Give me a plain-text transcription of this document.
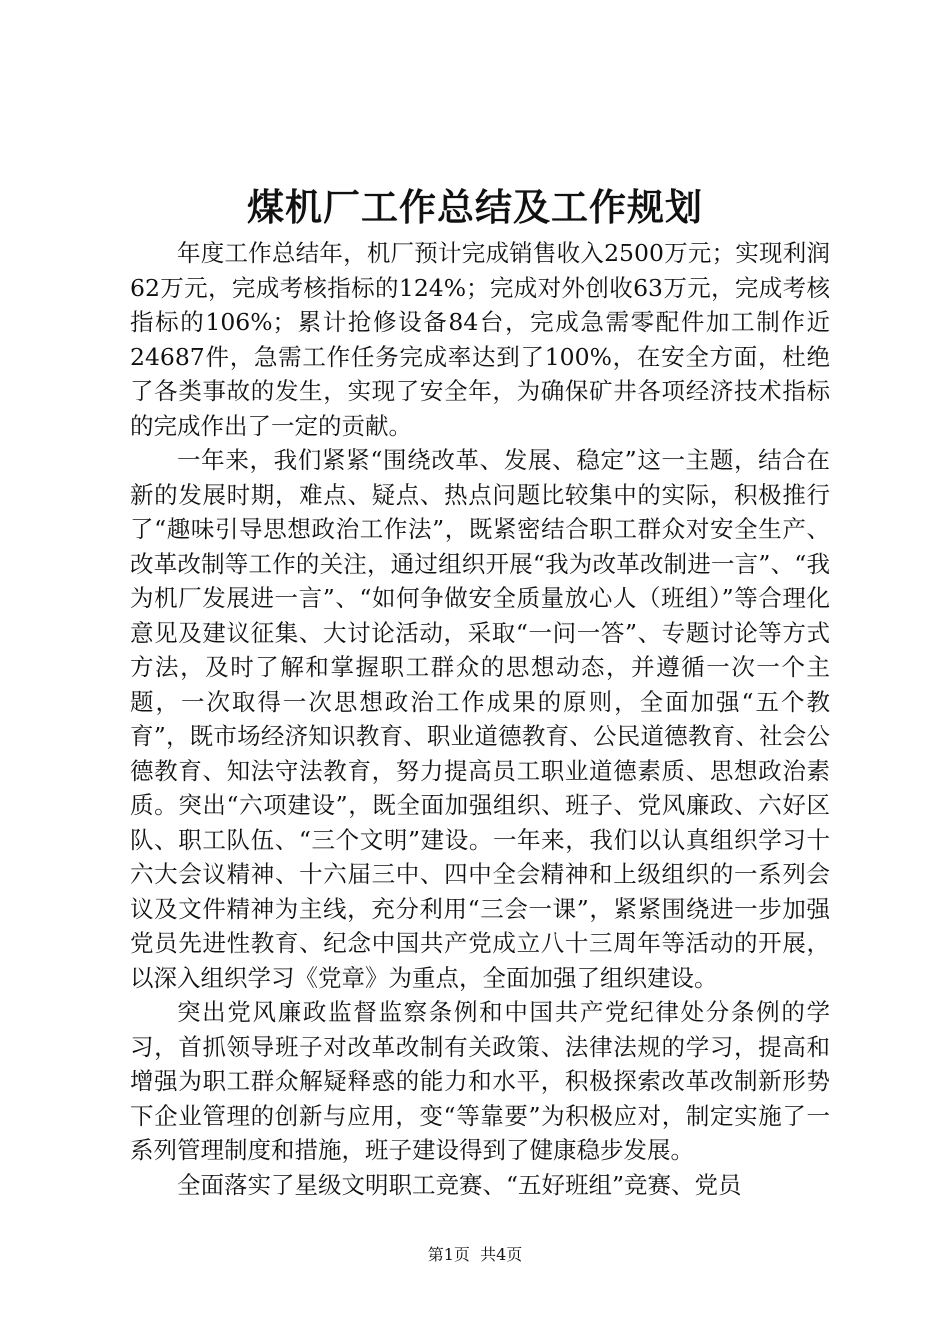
煤机厂工作总结及工作规划

年度工作总结年，机厂预计完成销售收入2500万元；实现利润62万元，完成考核指标的124%；完成对外创收63万元，完成考核指标的106%；累计抢修设备84台，完成急需零配件加工制作近24687件，急需工作任务完成率达到了100%，在安全方面，杜绝了各类事故的发生，实现了安全年，为确保矿井各项经济技术指标的完成作出了一定的贡献。

一年来，我们紧紧“围绕改革、发展、稳定”这一主题，结合在新的发展时期，难点、疑点、热点问题比较集中的实际，积极推行了“趣味引导思想政治工作法”，既紧密结合职工群众对安全生产、改革改制等工作的关注，通过组织开展“我为改革改制进一言”、“我为机厂发展进一言”、“如何争做安全质量放心人（班组）”等合理化意见及建议征集、大讨论活动，采取“一问一答”、专题讨论等方式方法，及时了解和掌握职工群众的思想动态，并遵循一次一个主题，一次取得一次思想政治工作成果的原则，全面加强“五个教育”，既市场经济知识教育、职业道德教育、公民道德教育、社会公德教育、知法守法教育，努力提高员工职业道德素质、思想政治素质。突出“六项建设”，既全面加强组织、班子、党风廉政、六好区队、职工队伍、“三个文明”建设。一年来，我们以认真组织学习十六大会议精神、十六届三中、四中全会精神和上级组织的一系列会议及文件精神为主线，充分利用“三会一课”，紧紧围绕进一步加强党员先进性教育、纪念中国共产党成立八十三周年等活动的开展，以深入组织学习《党章》为重点，全面加强了组织建设。

突出党风廉政监督监察条例和中国共产党纪律处分条例的学习，首抓领导班子对改革改制有关政策、法律法规的学习，提高和增强为职工群众解疑释惑的能力和水平，积极探索改革改制新形势下企业管理的创新与应用，变“等靠要”为积极应对，制定实施了一系列管理制度和措施，班子建设得到了健康稳步发展。

全面落实了星级文明职工竞赛、“五好班组”竞赛、党员

第1页 共4页
